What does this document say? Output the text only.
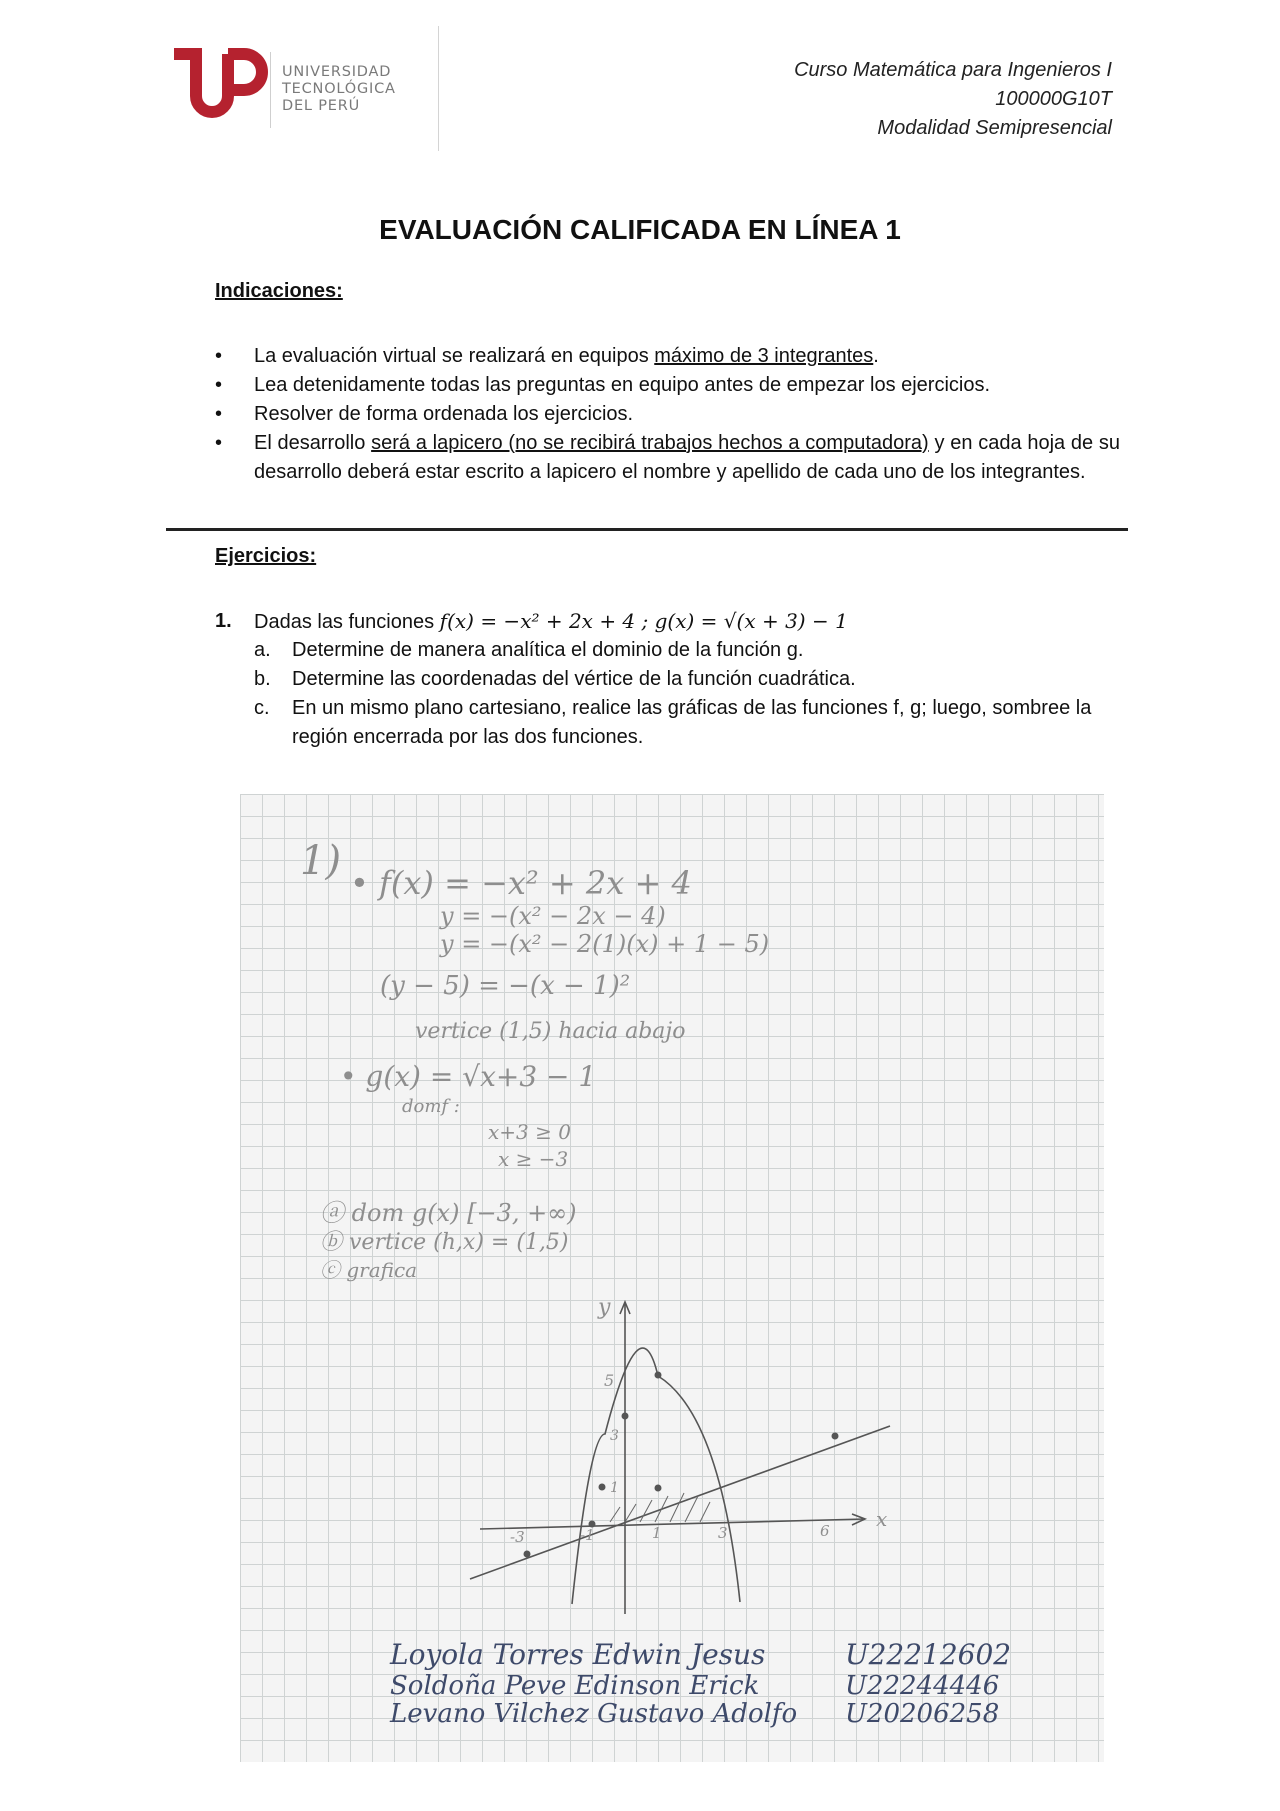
UNIVERSIDAD
TECNOLÓGICA
DEL PERÚ
Curso Matemática para Ingenieros I
100000G10T
Modalidad Semipresencial
EVALUACIÓN CALIFICADA EN LÍNEA 1
Indicaciones:
• La evaluación virtual se realizará en equipos máximo de 3 integrantes.
• Lea detenidamente todas las preguntas en equipo antes de empezar los ejercicios.
• Resolver de forma ordenada los ejercicios.
• El desarrollo será a lapicero (no se recibirá trabajos hechos a computadora) y en cada hoja de su desarrollo deberá estar escrito a lapicero el nombre y apellido de cada uno de los integrantes.
Ejercicios:
1. Dadas las funciones f(x) = −x² + 2x + 4 ; g(x) = √(x + 3) − 1
a. Determine de manera analítica el dominio de la función g.
b. Determine las coordenadas del vértice de la función cuadrática.
c. En un mismo plano cartesiano, realice las gráficas de las funciones f, g; luego, sombree la región encerrada por las dos funciones.
1) • f(x) = −x² + 2x + 4
y = −(x² − 2x − 4)
y = −(x² − 2(1)(x) + 1 − 5)
(y − 5) = −(x − 1)²
vertice (1,5) hacia abajo
• g(x) = √x+3 − 1
domf :
x+3 ≥ 0
x ≥ −3
ⓐ dom g(x) [−3, +∞)
ⓑ vertice (h,x) = (1,5)
ⓒ grafica
y
x
5
3
1
-3	-1	1	3	6
Loyola Torres Edwin Jesus	U22212602
Soldoña Peve Edinson Erick	U22244446
Levano Vilchez Gustavo Adolfo U20206258
